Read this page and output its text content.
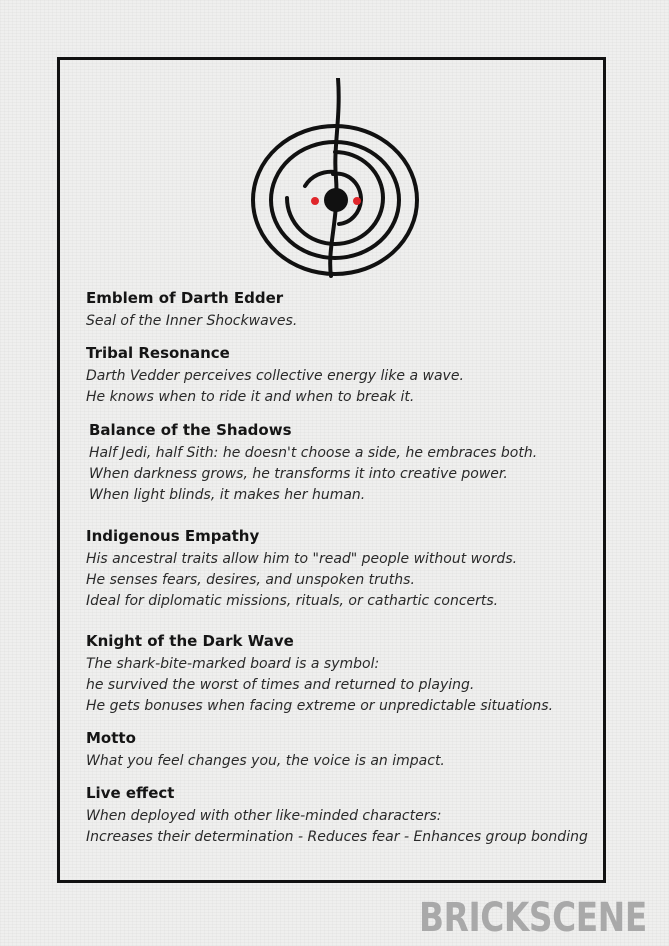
Emblem of Darth Edder

Seal of the Inner Shockwaves.

Tribal Resonance

Darth Vedder perceives collective energy like a wave.

He knows when to ride it and when to break it.

Balance of the Shadows

Half Jedi, half Sith: he doesn't choose a side, he embraces both.

When darkness grows, he transforms it into creative power.

When light blinds, it makes her human.

Indigenous Empathy

His ancestral traits allow him to "read" people without words.

He senses fears, desires, and unspoken truths.

Ideal for diplomatic missions, rituals, or cathartic concerts.

Knight of the Dark Wave

The shark-bite-marked board is a symbol:

he survived the worst of times and returned to playing.

He gets bonuses when facing extreme or unpredictable situations.

Motto

What you feel changes you, the voice is an impact.

Live effect

When deployed with other like-minded characters:

Increases their determination - Reduces fear - Enhances group bonding

BRICKSCENE
